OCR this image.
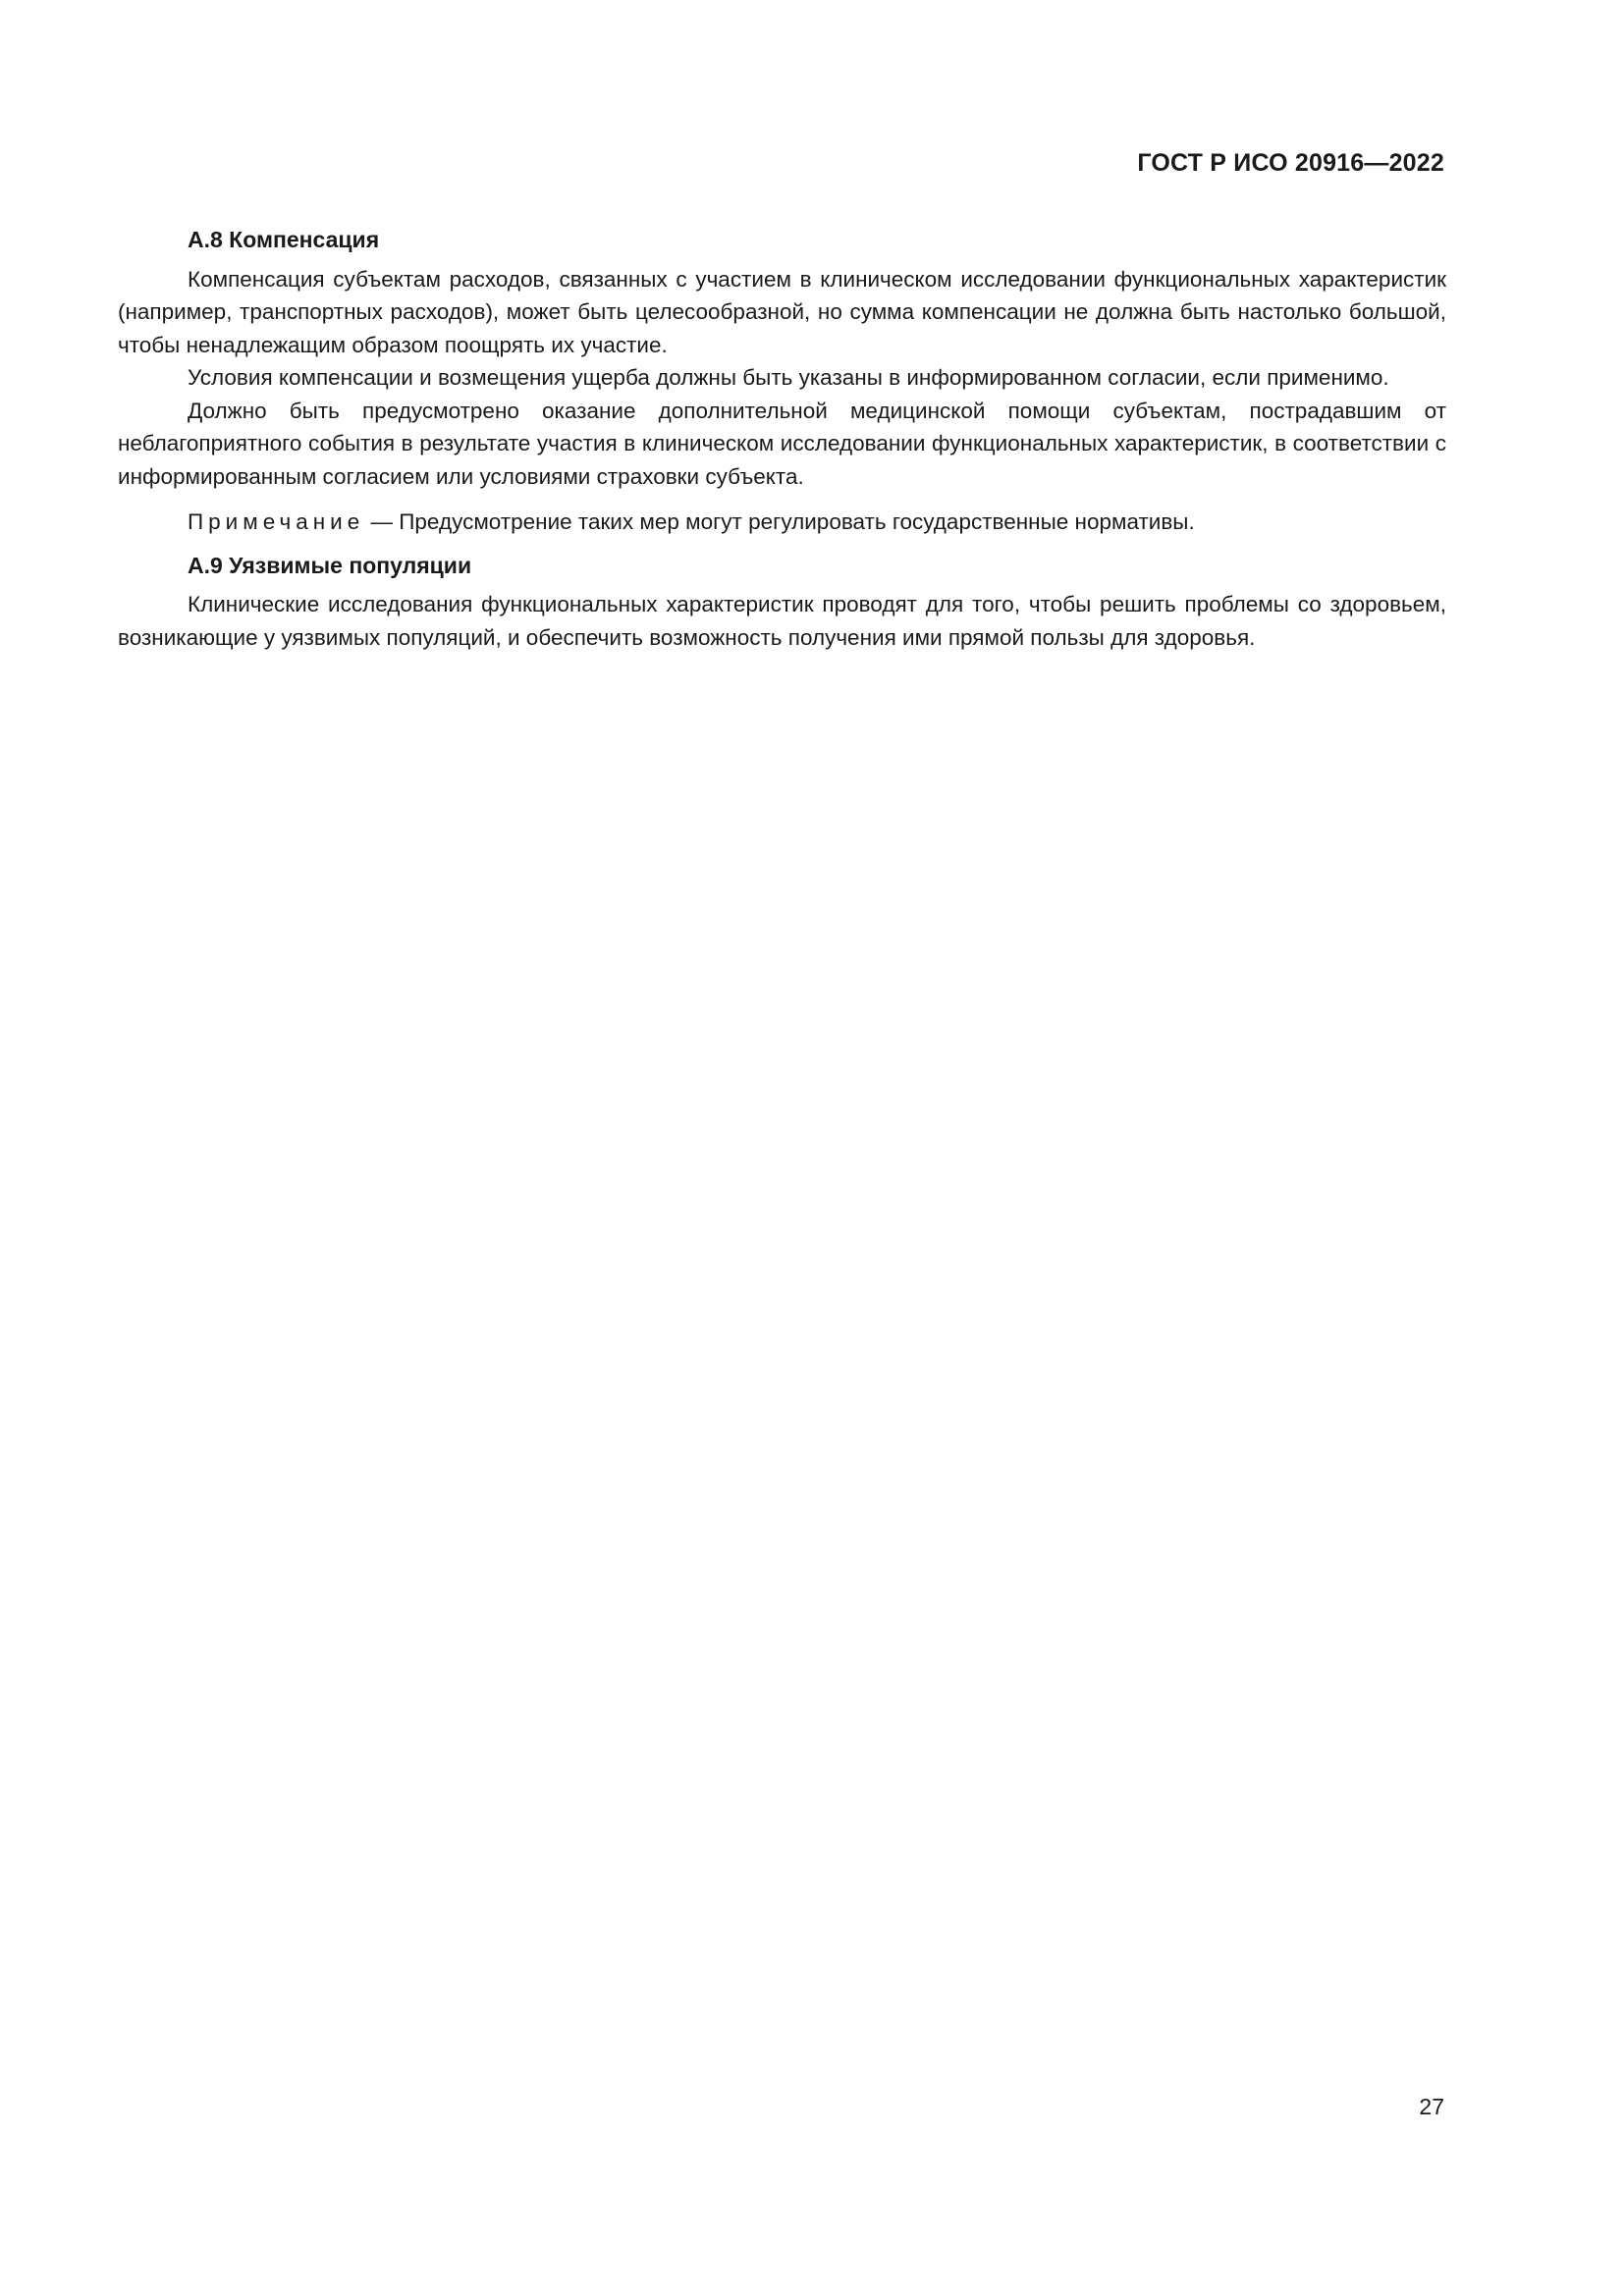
ГОСТ Р ИСО 20916—2022
А.8 Компенсация

Компенсация субъектам расходов, связанных с участием в клиническом исследовании функциональных характеристик (например, транспортных расходов), может быть целесообразной, но сумма компенсации не должна быть настолько большой, чтобы ненадлежащим образом поощрять их участие.

Условия компенсации и возмещения ущерба должны быть указаны в информированном согласии, если применимо.

Должно быть предусмотрено оказание дополнительной медицинской помощи субъектам, пострадавшим от неблагоприятного события в результате участия в клиническом исследовании функциональных характеристик, в соответствии с информированным согласием или условиями страховки субъекта.

Примечание — Предусмотрение таких мер могут регулировать государственные нормативы.
А.9 Уязвимые популяции

Клинические исследования функциональных характеристик проводят для того, чтобы решить проблемы со здоровьем, возникающие у уязвимых популяций, и обеспечить возможность получения ими прямой пользы для здоровья.

27
